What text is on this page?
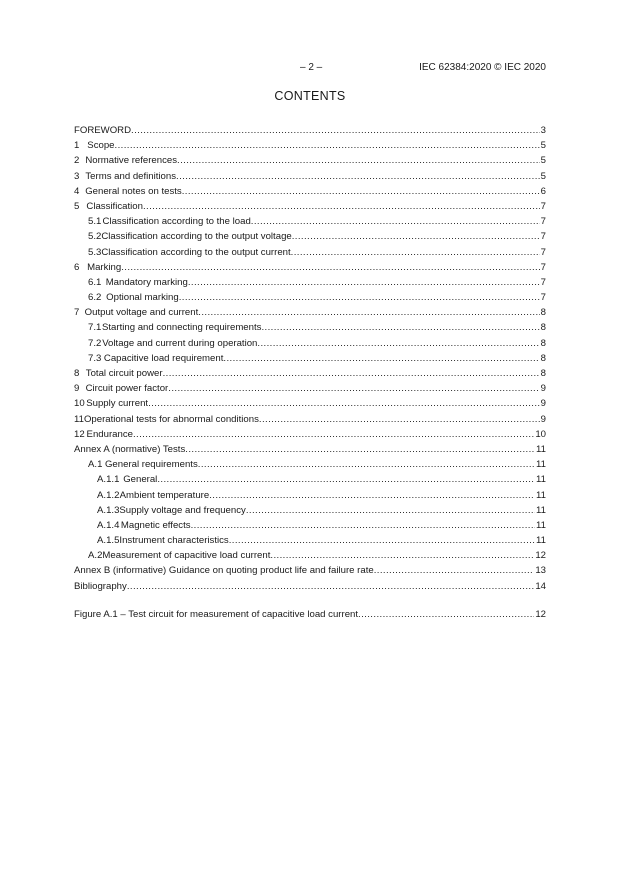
– 2 –	IEC 62384:2020 © IEC 2020
CONTENTS
FOREWORD .....	3
1 Scope .....	5
2 Normative references .....	5
3 Terms and definitions .....	5
4 General notes on tests .....	6
5 Classification .....	7
5.1 Classification according to the load .....	7
5.2 Classification according to the output voltage .....	7
5.3 Classification according to the output current .....	7
6 Marking .....	7
6.1 Mandatory marking .....	7
6.2 Optional marking .....	7
7 Output voltage and current .....	8
7.1 Starting and connecting requirements .....	8
7.2 Voltage and current during operation .....	8
7.3 Capacitive load requirement .....	8
8 Total circuit power .....	8
9 Circuit power factor .....	9
10 Supply current .....	9
11 Operational tests for abnormal conditions .....	9
12 Endurance .....	10
Annex A (normative) Tests .....	11
A.1 General requirements .....	11
A.1.1 General .....	11
A.1.2 Ambient temperature .....	11
A.1.3 Supply voltage and frequency .....	11
A.1.4 Magnetic effects .....	11
A.1.5 Instrument characteristics .....	11
A.2 Measurement of capacitive load current .....	12
Annex B (informative) Guidance on quoting product life and failure rate .....	13
Bibliography .....	14
Figure A.1 – Test circuit for measurement of capacitive load current .....	12
